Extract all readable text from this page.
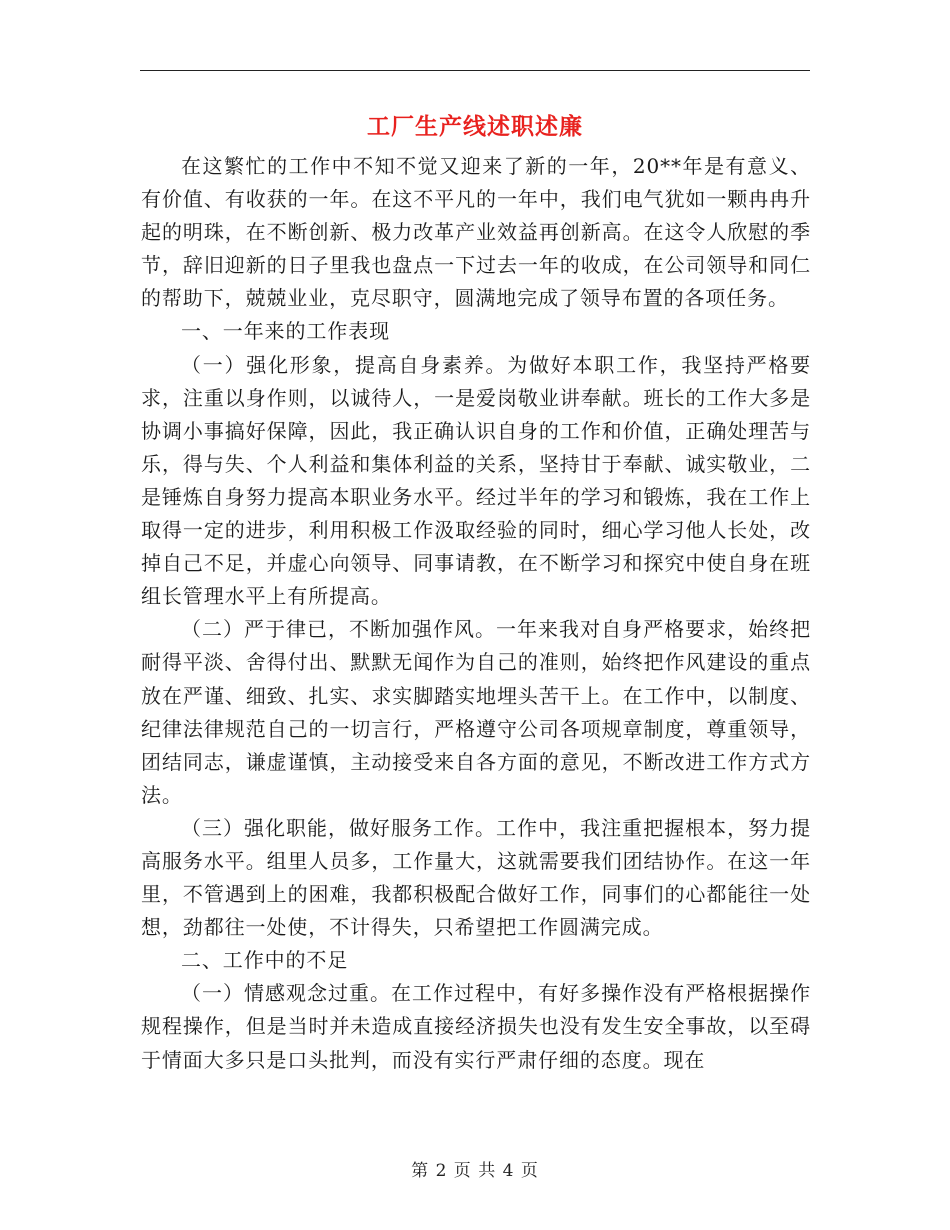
工厂生产线述职述廉

在这繁忙的工作中不知不觉又迎来了新的一年，20**年是有意义、有价值、有收获的一年。在这不平凡的一年中，我们电气犹如一颗冉冉升起的明珠，在不断创新、极力改革产业效益再创新高。在这令人欣慰的季节，辞旧迎新的日子里我也盘点一下过去一年的收成，在公司领导和同仁的帮助下，兢兢业业，克尽职守，圆满地完成了领导布置的各项任务。

一、一年来的工作表现

（一）强化形象，提高自身素养。为做好本职工作，我坚持严格要求，注重以身作则，以诚待人，一是爱岗敬业讲奉献。班长的工作大多是协调小事搞好保障，因此，我正确认识自身的工作和价值，正确处理苦与乐，得与失、个人利益和集体利益的关系，坚持甘于奉献、诚实敬业，二是锤炼自身努力提高本职业务水平。经过半年的学习和锻炼，我在工作上取得一定的进步，利用积极工作汲取经验的同时，细心学习他人长处，改掉自己不足，并虚心向领导、同事请教，在不断学习和探究中使自身在班组长管理水平上有所提高。

（二）严于律已，不断加强作风。一年来我对自身严格要求，始终把耐得平淡、舍得付出、默默无闻作为自己的准则，始终把作风建设的重点放在严谨、细致、扎实、求实脚踏实地埋头苦干上。在工作中，以制度、纪律法律规范自己的一切言行，严格遵守公司各项规章制度，尊重领导，团结同志，谦虚谨慎，主动接受来自各方面的意见，不断改进工作方式方法。

（三）强化职能，做好服务工作。工作中，我注重把握根本，努力提高服务水平。组里人员多，工作量大，这就需要我们团结协作。在这一年里，不管遇到上的困难，我都积极配合做好工作，同事们的心都能往一处想，劲都往一处使，不计得失，只希望把工作圆满完成。

二、工作中的不足

（一）情感观念过重。在工作过程中，有好多操作没有严格根据操作规程操作，但是当时并未造成直接经济损失也没有发生安全事故，以至碍于情面大多只是口头批判，而没有实行严肃仔细的态度。现在

第 2 页 共 4 页
